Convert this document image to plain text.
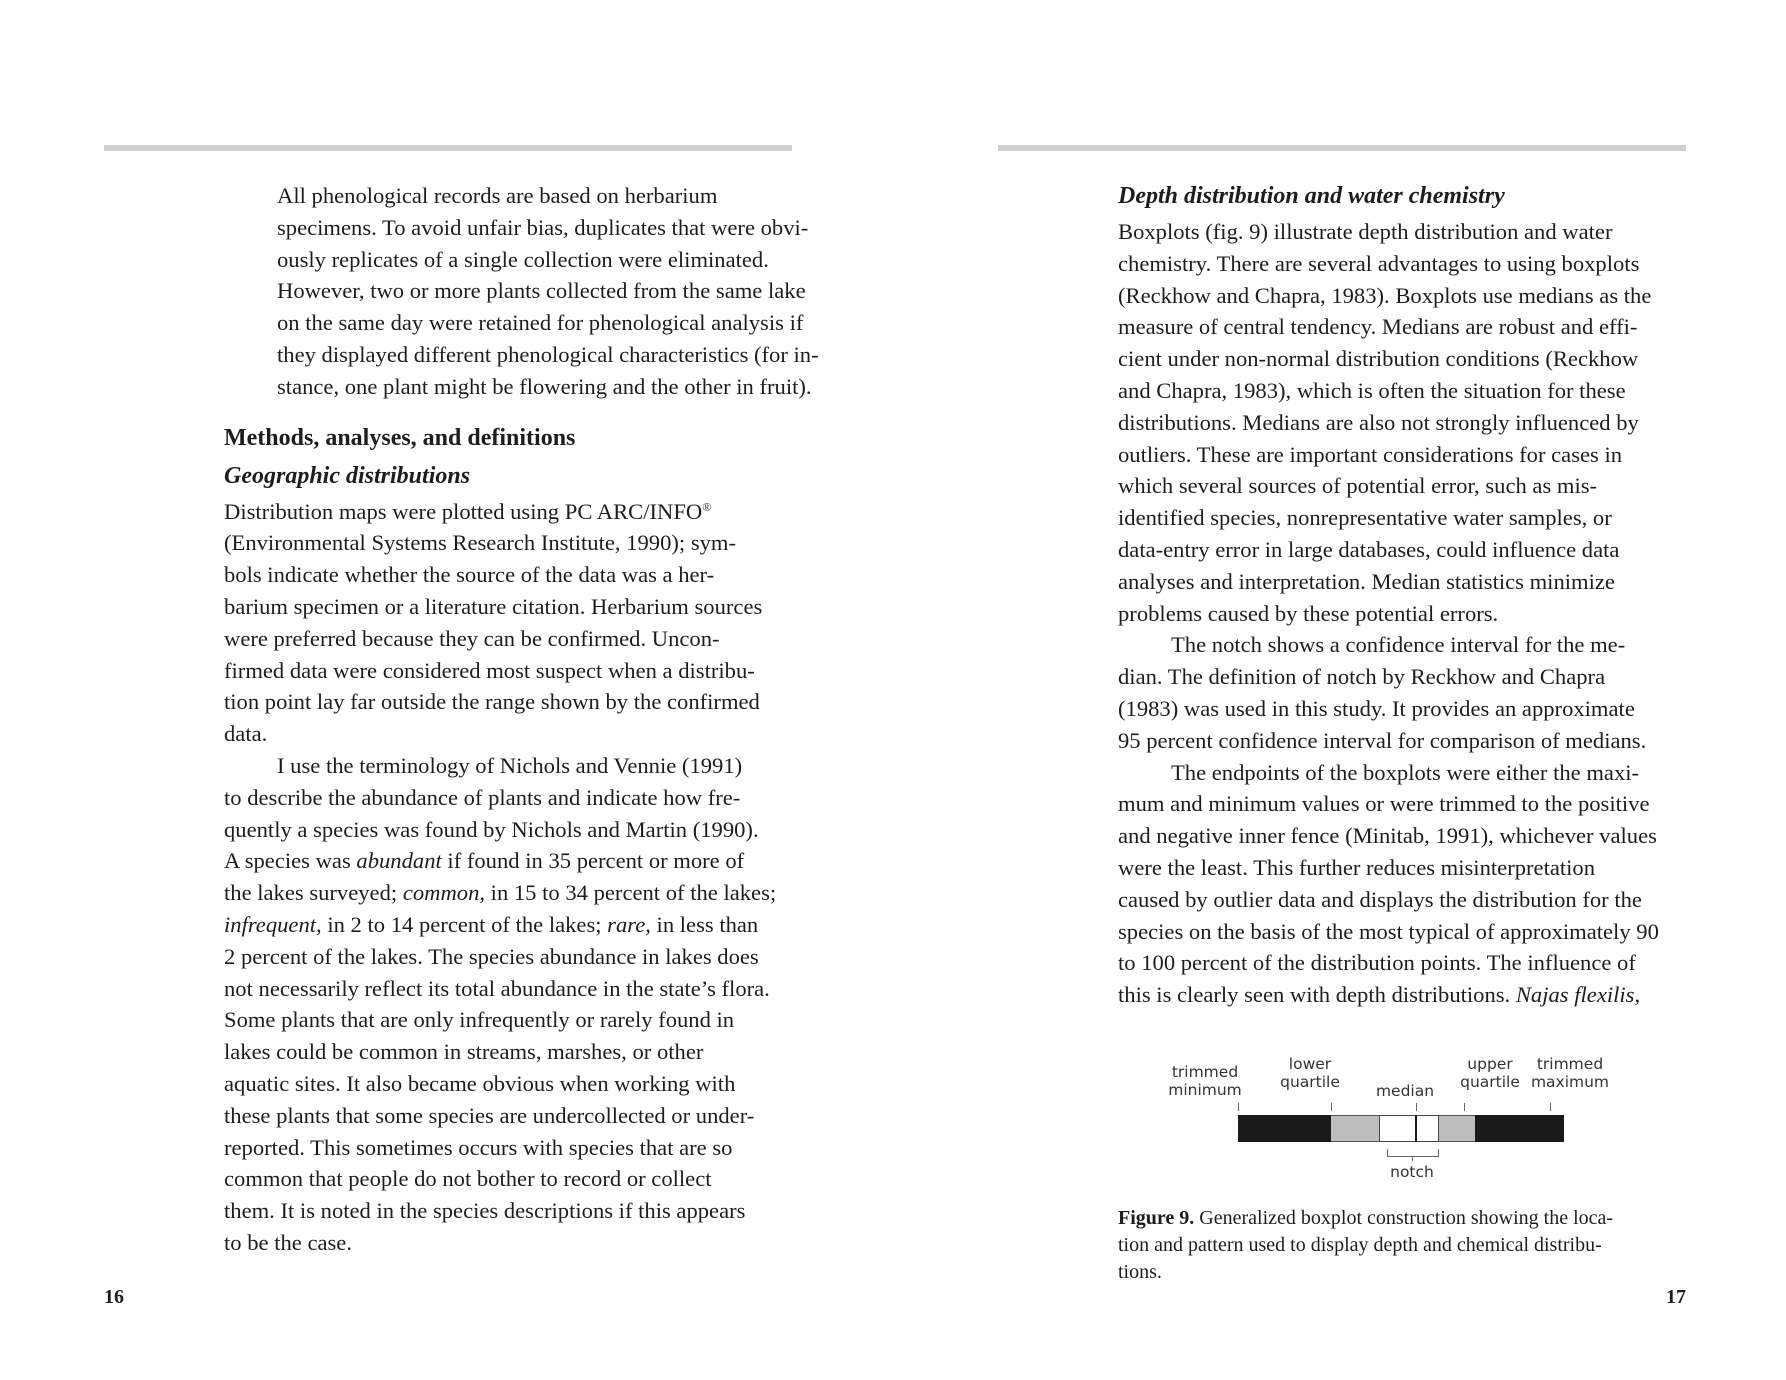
All phenological records are based on herbarium
specimens. To avoid unfair bias, duplicates that were obvi-
ously replicates of a single collection were eliminated.
However, two or more plants collected from the same lake
on the same day were retained for phenological analysis if
they displayed different phenological characteristics (for in-
stance, one plant might be flowering and the other in fruit).

Methods, analyses, and definitions
Geographic distributions

Distribution maps were plotted using PC ARC/INFO®
(Environmental Systems Research Institute, 1990); sym-
bols indicate whether the source of the data was a her-
barium specimen or a literature citation. Herbarium sources
were preferred because they can be confirmed. Uncon-
firmed data were considered most suspect when a distribu-
tion point lay far outside the range shown by the confirmed
data.

I use the terminology of Nichols and Vennie (1991)
to describe the abundance of plants and indicate how fre-
quently a species was found by Nichols and Martin (1990).
A species was abundant if found in 35 percent or more of
the lakes surveyed; common, in 15 to 34 percent of the lakes;
infrequent, in 2 to 14 percent of the lakes; rare, in less than
2 percent of the lakes. The species abundance in lakes does
not necessarily reflect its total abundance in the state’s flora.
Some plants that are only infrequently or rarely found in
lakes could be common in streams, marshes, or other
aquatic sites. It also became obvious when working with
these plants that some species are undercollected or under-
reported. This sometimes occurs with species that are so
common that people do not bother to record or collect
them. It is noted in the species descriptions if this appears
to be the case.

16
Depth distribution and water chemistry

Boxplots (fig. 9) illustrate depth distribution and water
chemistry. There are several advantages to using boxplots
(Reckhow and Chapra, 1983). Boxplots use medians as the
measure of central tendency. Medians are robust and effi-
cient under non-normal distribution conditions (Reckhow
and Chapra, 1983), which is often the situation for these
distributions. Medians are also not strongly influenced by
outliers. These are important considerations for cases in
which several sources of potential error, such as mis-
identified species, nonrepresentative water samples, or
data-entry error in large databases, could influence data
analyses and interpretation. Median statistics minimize
problems caused by these potential errors.

The notch shows a confidence interval for the me-
dian. The definition of notch by Reckhow and Chapra
(1983) was used in this study. It provides an approximate
95 percent confidence interval for comparison of medians.

The endpoints of the boxplots were either the maxi-
mum and minimum values or were trimmed to the positive
and negative inner fence (Minitab, 1991), whichever values
were the least. This further reduces misinterpretation
caused by outlier data and displays the distribution for the
species on the basis of the most typical of approximately 90
to 100 percent of the distribution points. The influence of
this is clearly seen with depth distributions. Najas flexilis,

trimmed
minimum
lower
quartile	median
upper
quartile
trimmed
maximum
notch
Figure 9. Generalized boxplot construction showing the loca-
tion and pattern used to display depth and chemical distribu-
tions.
17
